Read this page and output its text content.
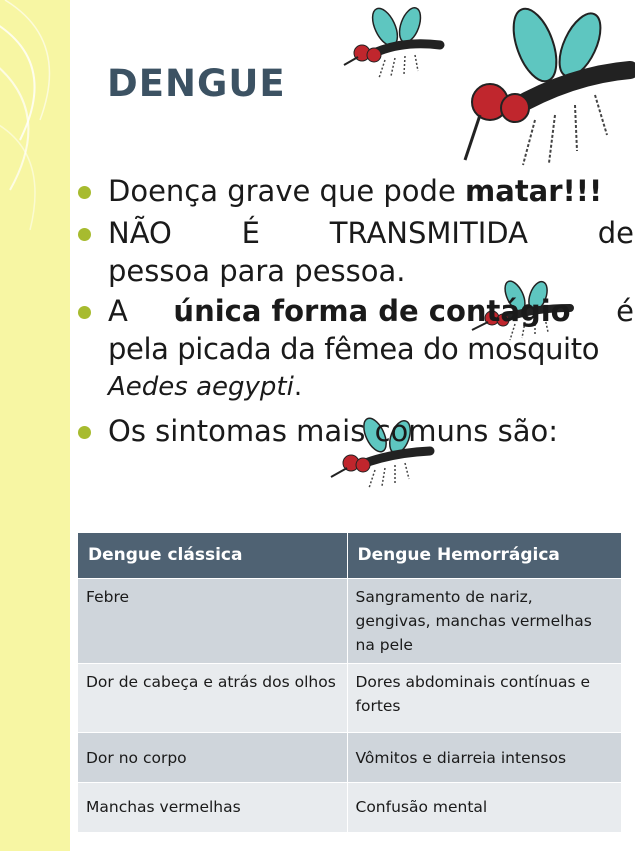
DENGUE
Doença grave que pode matar!!!
NÃO É TRANSMITIDA de
pessoa para pessoa.
A única forma de contágio é
pela picada da fêmea do mosquito
Aedes aegypti.
Os sintomas mais comuns são:
Dengue clássica	Dengue Hemorrágica
Febre	Sangramento de nariz, gengivas, manchas vermelhas na pele
Dor de cabeça e atrás dos olhos	Dores abdominais contínuas e fortes
Dor no corpo	Vômitos e diarreia intensos
Manchas vermelhas	Confusão mental
